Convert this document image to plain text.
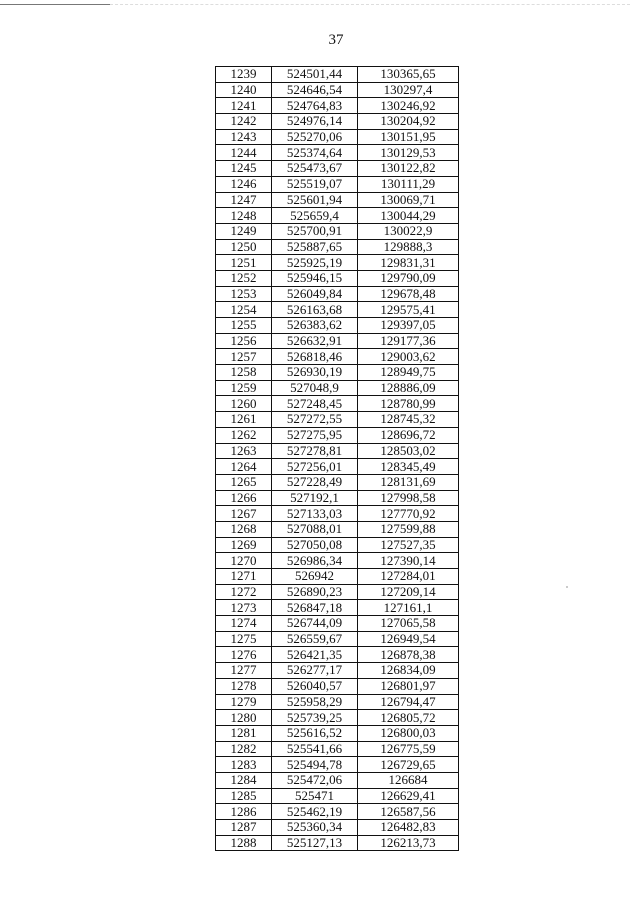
37
1239	524501,44	130365,65
1240	524646,54	130297,4
1241	524764,83	130246,92
1242	524976,14	130204,92
1243	525270,06	130151,95
1244	525374,64	130129,53
1245	525473,67	130122,82
1246	525519,07	130111,29
1247	525601,94	130069,71
1248	525659,4	130044,29
1249	525700,91	130022,9
1250	525887,65	129888,3
1251	525925,19	129831,31
1252	525946,15	129790,09
1253	526049,84	129678,48
1254	526163,68	129575,41
1255	526383,62	129397,05
1256	526632,91	129177,36
1257	526818,46	129003,62
1258	526930,19	128949,75
1259	527048,9	128886,09
1260	527248,45	128780,99
1261	527272,55	128745,32
1262	527275,95	128696,72
1263	527278,81	128503,02
1264	527256,01	128345,49
1265	527228,49	128131,69
1266	527192,1	127998,58
1267	527133,03	127770,92
1268	527088,01	127599,88
1269	527050,08	127527,35
1270	526986,34	127390,14
1271	526942	127284,01
1272	526890,23	127209,14
1273	526847,18	127161,1
1274	526744,09	127065,58
1275	526559,67	126949,54
1276	526421,35	126878,38
1277	526277,17	126834,09
1278	526040,57	126801,97
1279	525958,29	126794,47
1280	525739,25	126805,72
1281	525616,52	126800,03
1282	525541,66	126775,59
1283	525494,78	126729,65
1284	525472,06	126684
1285	525471	126629,41
1286	525462,19	126587,56
1287	525360,34	126482,83
1288	525127,13	126213,73
